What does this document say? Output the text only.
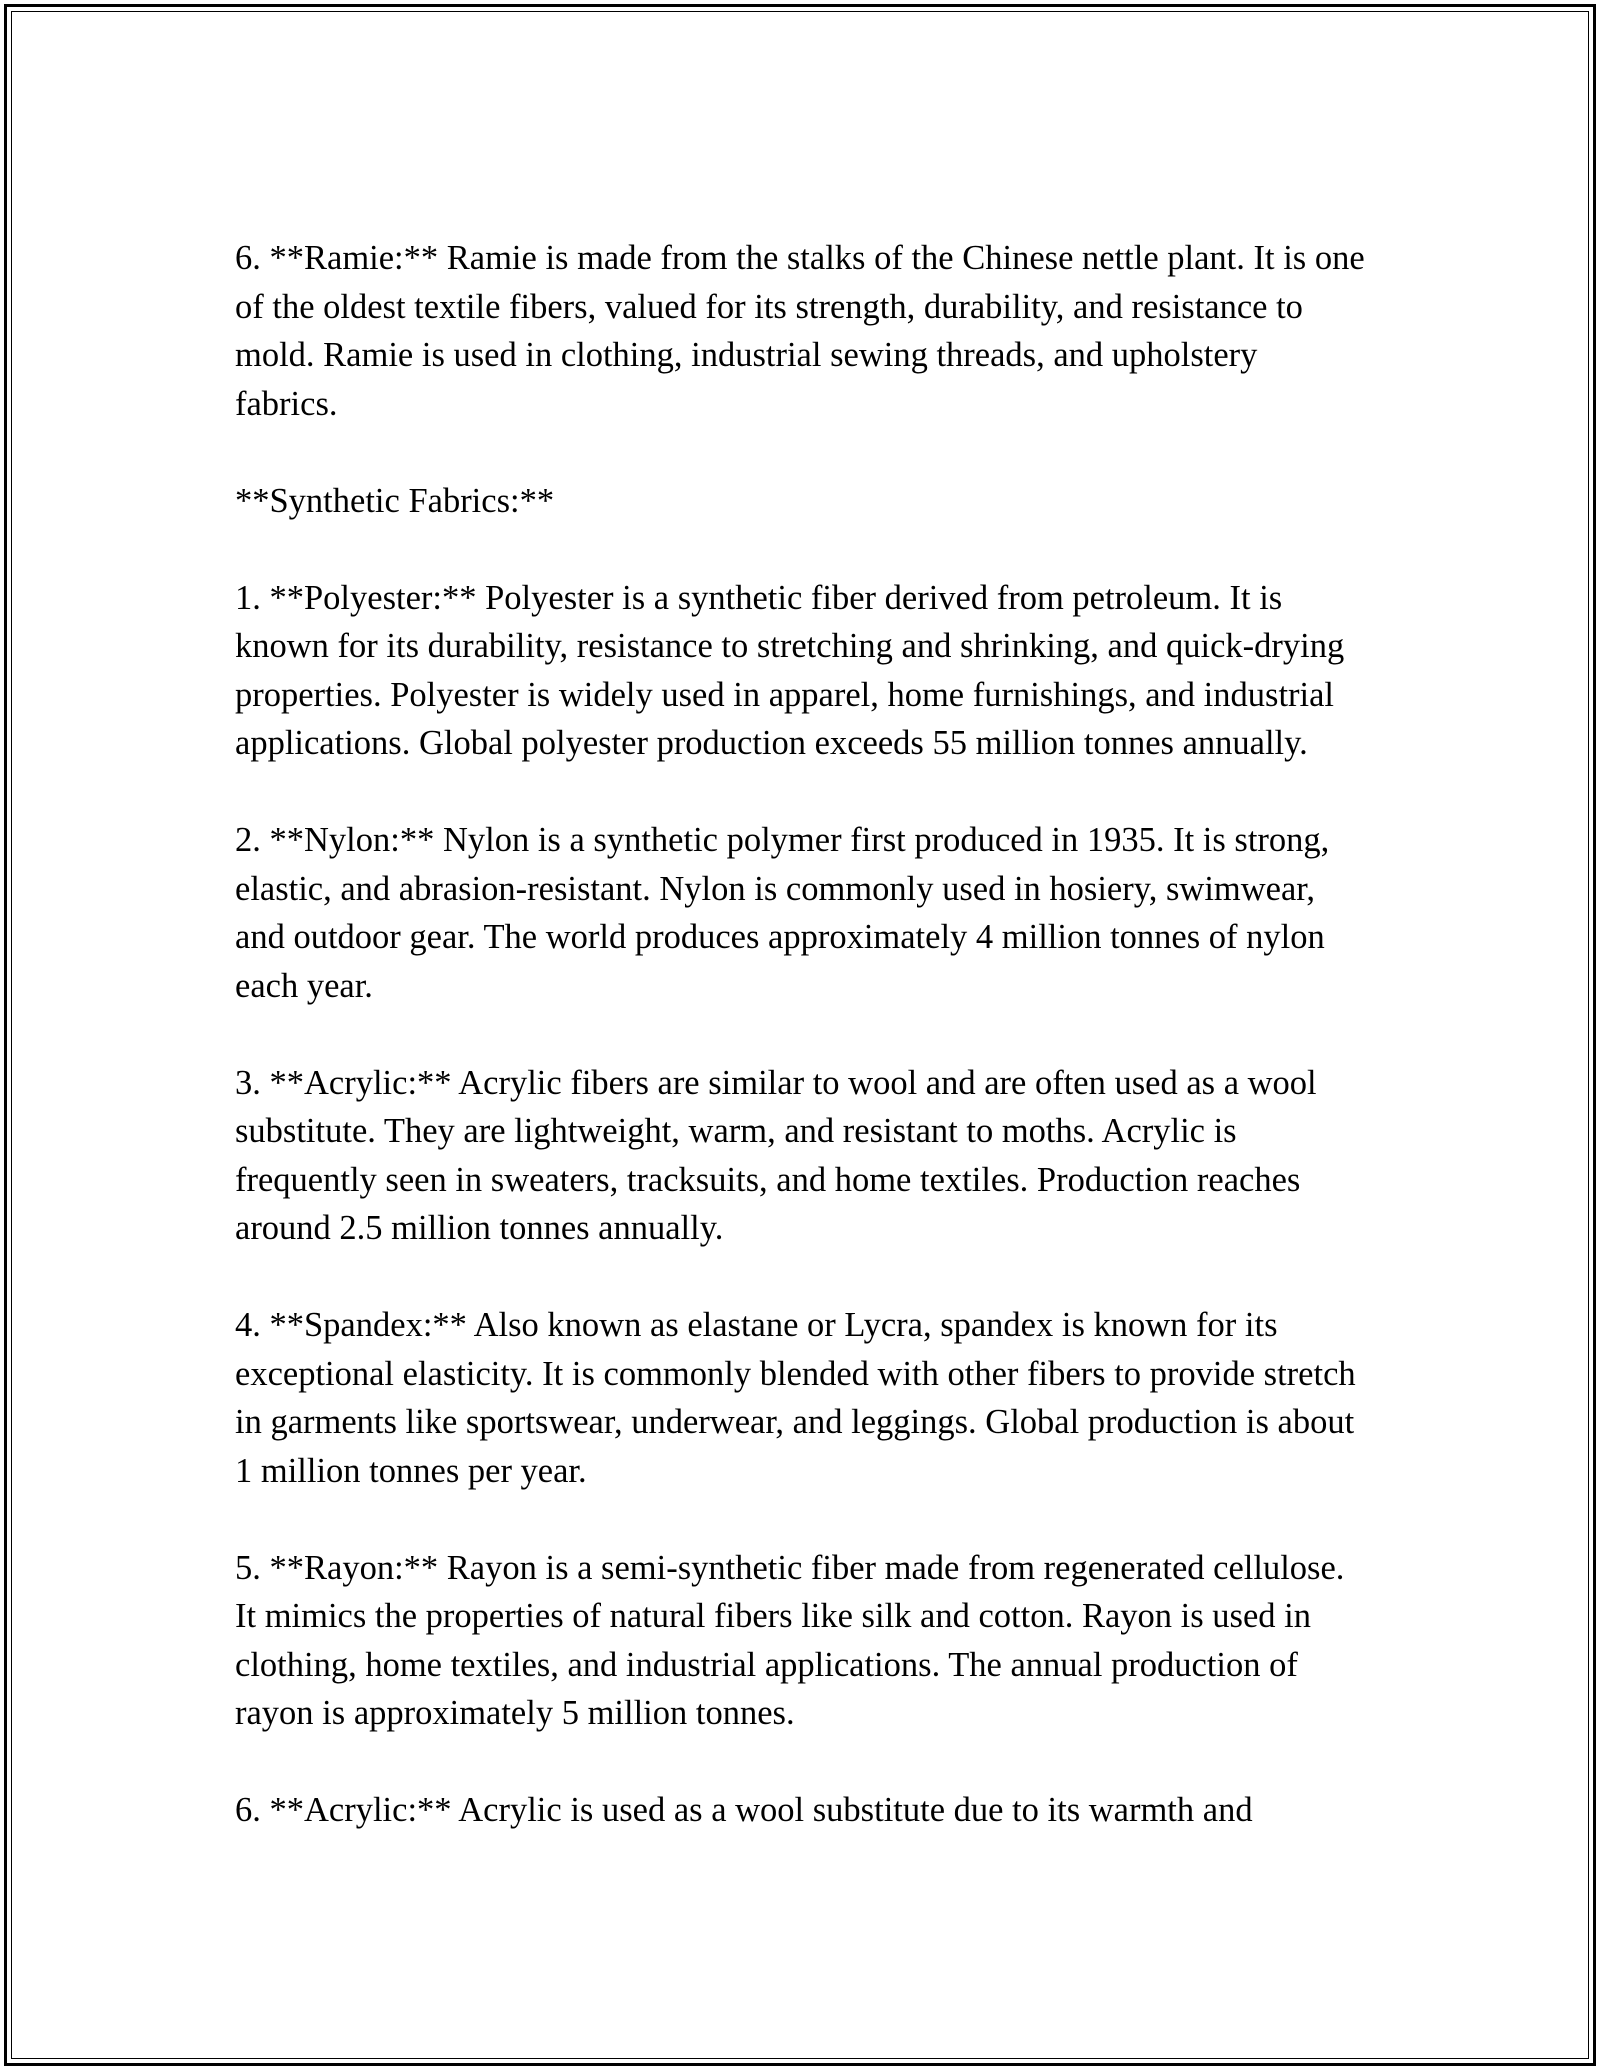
6. **Ramie:** Ramie is made from the stalks of the Chinese nettle plant. It is one of the oldest textile fibers, valued for its strength, durability, and resistance to mold. Ramie is used in clothing, industrial sewing threads, and upholstery fabrics.

**Synthetic Fabrics:**

1. **Polyester:** Polyester is a synthetic fiber derived from petroleum. It is known for its durability, resistance to stretching and shrinking, and quick-drying properties. Polyester is widely used in apparel, home furnishings, and industrial applications. Global polyester production exceeds 55 million tonnes annually.

2. **Nylon:** Nylon is a synthetic polymer first produced in 1935. It is strong, elastic, and abrasion-resistant. Nylon is commonly used in hosiery, swimwear, and outdoor gear. The world produces approximately 4 million tonnes of nylon each year.

3. **Acrylic:** Acrylic fibers are similar to wool and are often used as a wool substitute. They are lightweight, warm, and resistant to moths. Acrylic is frequently seen in sweaters, tracksuits, and home textiles. Production reaches around 2.5 million tonnes annually.

4. **Spandex:** Also known as elastane or Lycra, spandex is known for its exceptional elasticity. It is commonly blended with other fibers to provide stretch in garments like sportswear, underwear, and leggings. Global production is about 1 million tonnes per year.

5. **Rayon:** Rayon is a semi-synthetic fiber made from regenerated cellulose. It mimics the properties of natural fibers like silk and cotton. Rayon is used in clothing, home textiles, and industrial applications. The annual production of rayon is approximately 5 million tonnes.

6. **Acrylic:** Acrylic is used as a wool substitute due to its warmth and
